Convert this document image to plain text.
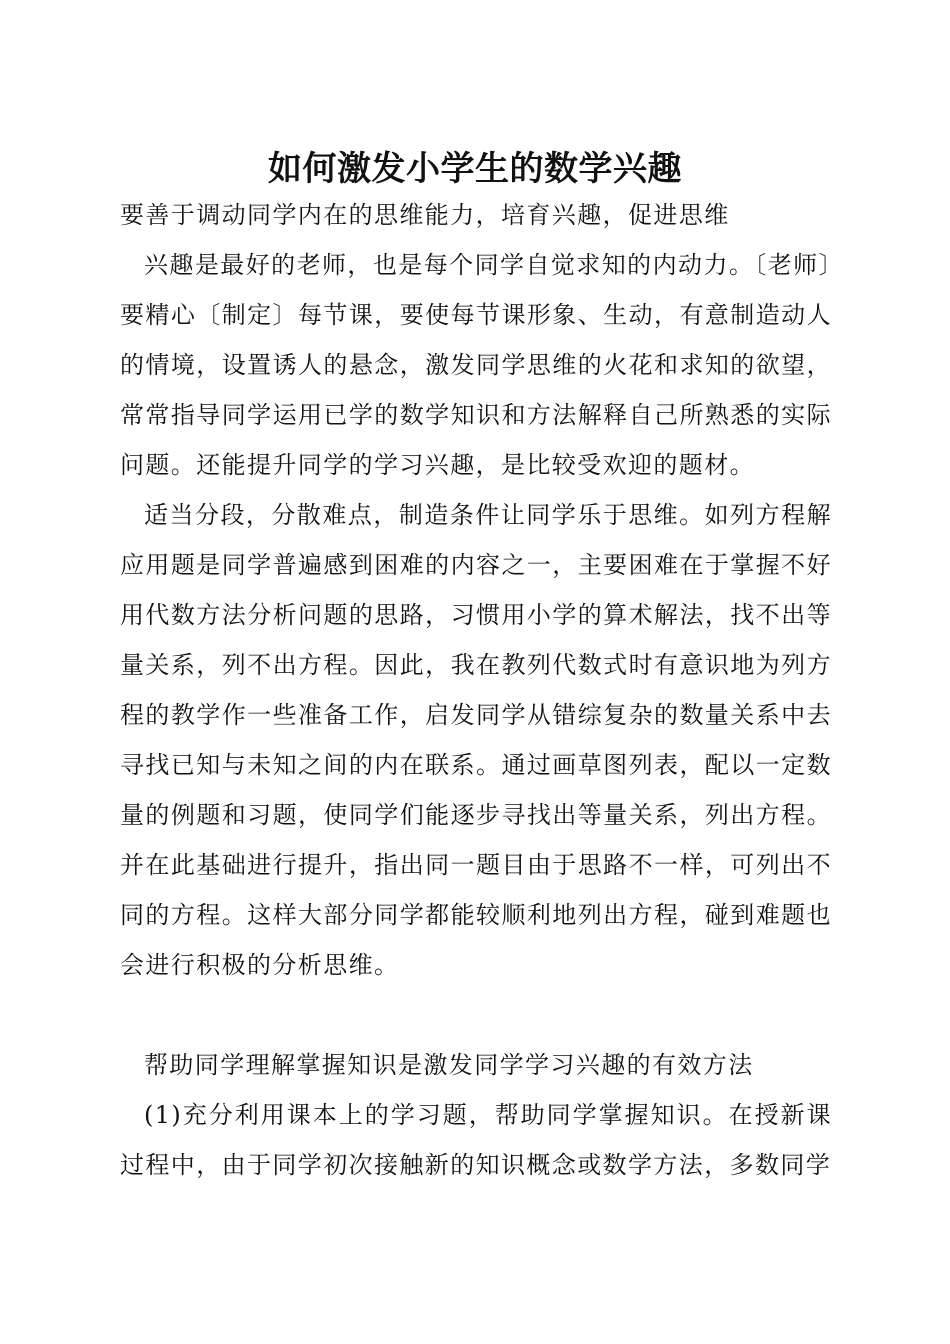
如何激发小学生的数学兴趣

要善于调动同学内在的思维能力，培育兴趣，促进思维

兴趣是最好的老师，也是每个同学自觉求知的内动力。〔老师〕要精心〔制定〕每节课，要使每节课形象、生动，有意制造动人的情境，设置诱人的悬念，激发同学思维的火花和求知的欲望，常常指导同学运用已学的数学知识和方法解释自己所熟悉的实际问题。还能提升同学的学习兴趣，是比较受欢迎的题材。

适当分段，分散难点，制造条件让同学乐于思维。如列方程解应用题是同学普遍感到困难的内容之一，主要困难在于掌握不好用代数方法分析问题的思路，习惯用小学的算术解法，找不出等量关系，列不出方程。因此，我在教列代数式时有意识地为列方程的教学作一些准备工作，启发同学从错综复杂的数量关系中去寻找已知与未知之间的内在联系。通过画草图列表，配以一定数量的例题和习题，使同学们能逐步寻找出等量关系，列出方程。并在此基础进行提升，指出同一题目由于思路不一样，可列出不同的方程。这样大部分同学都能较顺利地列出方程，碰到难题也会进行积极的分析思维。

帮助同学理解掌握知识是激发同学学习兴趣的有效方法

(1)充分利用课本上的学习题，帮助同学掌握知识。在授新课过程中，由于同学初次接触新的知识概念或数学方法，多数同学
